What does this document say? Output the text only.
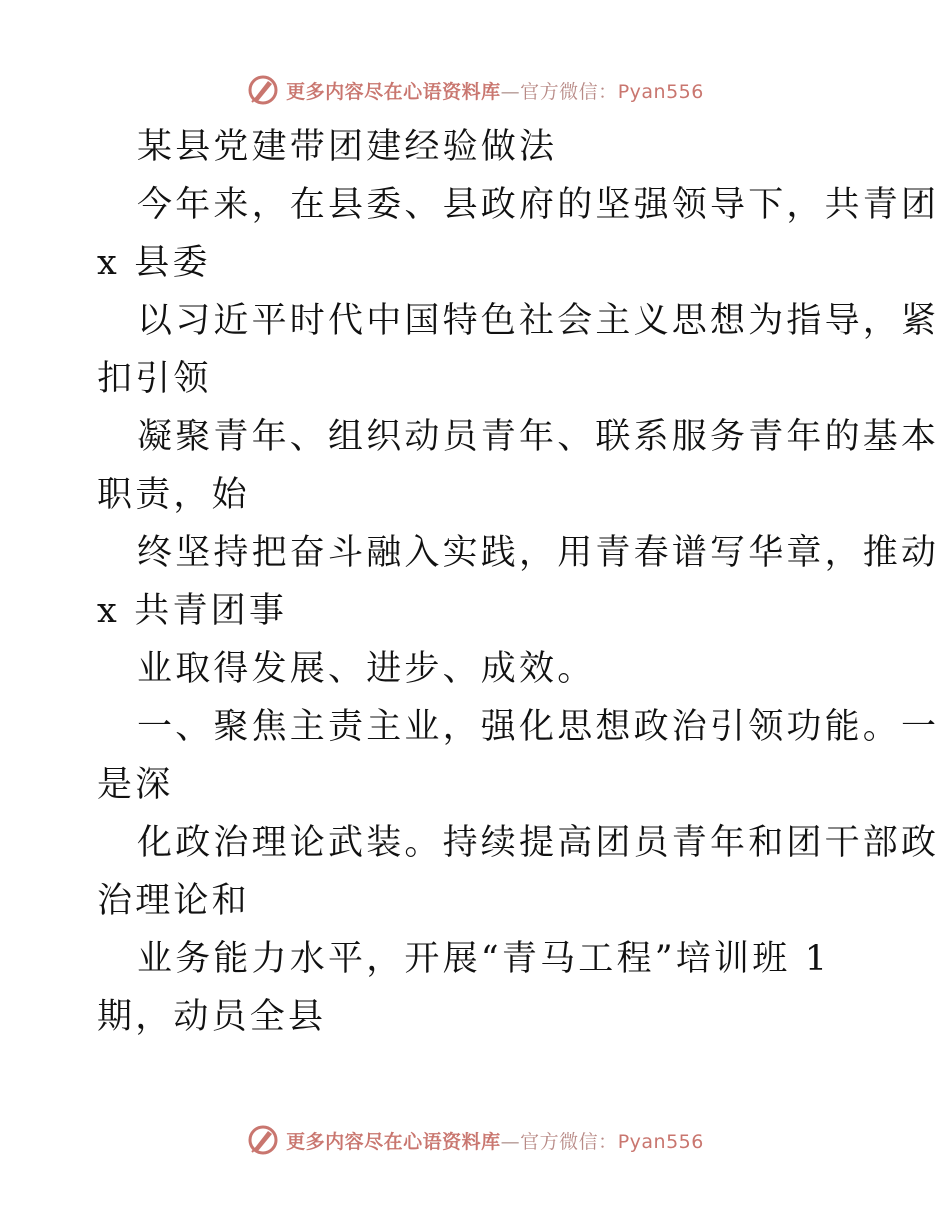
更多内容尽在心语资料库—官方微信：Pyan556
某县党建带团建经验做法
今年来，在县委、县政府的坚强领导下，共青团
x 县委
以习近平时代中国特色社会主义思想为指导，紧
扣引领
凝聚青年、组织动员青年、联系服务青年的基本
职责，始
终坚持把奋斗融入实践，用青春谱写华章，推动
x 共青团事
业取得发展、进步、成效。
一、聚焦主责主业，强化思想政治引领功能。一
是深
化政治理论武装。持续提高团员青年和团干部政
治理论和
业务能力水平，开展“青马工程”培训班 1
期，动员全县
更多内容尽在心语资料库—官方微信：Pyan556
